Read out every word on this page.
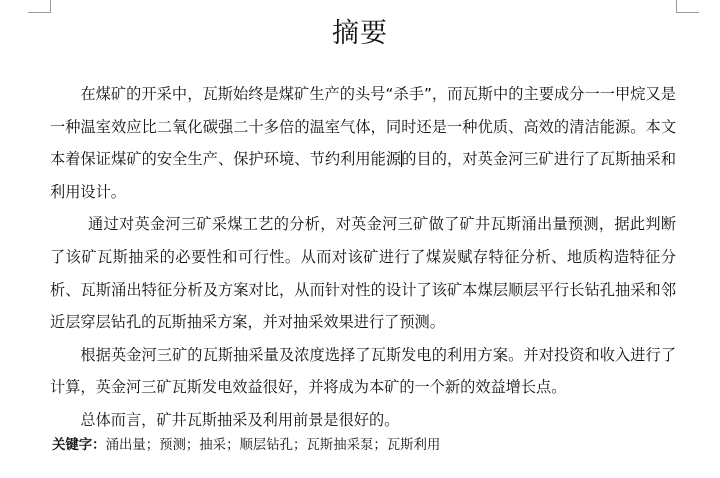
摘要

在煤矿的开采中，瓦斯始终是煤矿生产的头号“杀手”，而瓦斯中的主要成分一一甲烷又是一种温室效应比二氧化碳强二十多倍的温室气体，同时还是一种优质、高效的清洁能源。本文本着保证煤矿的安全生产、保护环境、节约利用能源的目的，对英金河三矿进行了瓦斯抽采和利用设计。

通过对英金河三矿采煤工艺的分析，对英金河三矿做了矿井瓦斯涌出量预测，据此判断了该矿瓦斯抽采的必要性和可行性。从而对该矿进行了煤炭赋存特征分析、地质构造特征分析、瓦斯涌出特征分析及方案对比，从而针对性的设计了该矿本煤层顺层平行长钻孔抽采和邻近层穿层钻孔的瓦斯抽采方案，并对抽采效果进行了预测。

根据英金河三矿的瓦斯抽采量及浓度选择了瓦斯发电的利用方案。并对投资和收入进行了计算，英金河三矿瓦斯发电效益很好，并将成为本矿的一个新的效益增长点。

总体而言，矿井瓦斯抽采及利用前景是很好的。

关键字：涌出量；预测；抽采；顺层钻孔；瓦斯抽采泵；瓦斯利用
